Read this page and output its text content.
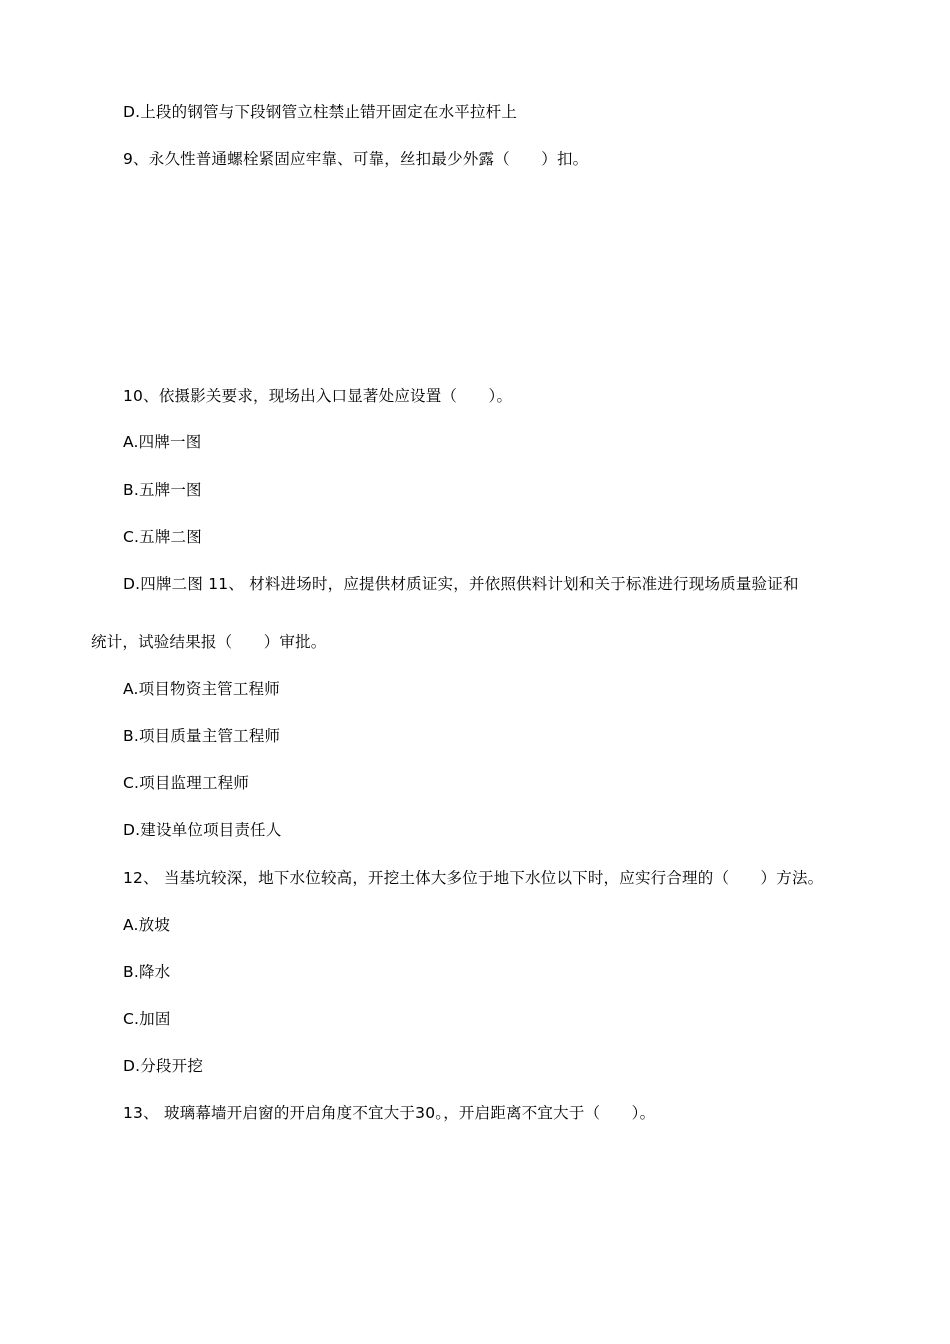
D.上段的钢管与下段钢管立柱禁止错开固定在水平拉杆上
9、永久性普通螺栓紧固应牢靠、可靠，丝扣最少外露（　　）扣。
10、依摄影关要求，现场出入口显著处应设置（　　）。
A.四牌一图
B.五牌一图
C.五牌二图
D.四牌二图 11、 材料进场时，应提供材质证实，并依照供料计划和关于标准进行现场质量验证和
统计，试验结果报（　　）审批。
A.项目物资主管工程师
B.项目质量主管工程师
C.项目监理工程师
D.建设单位项目责任人
12、 当基坑较深，地下水位较高，开挖土体大多位于地下水位以下时，应实行合理的（　　）方法。
A.放坡
B.降水
C.加固
D.分段开挖
13、 玻璃幕墙开启窗的开启角度不宜大于30。，开启距离不宜大于（　　）。
